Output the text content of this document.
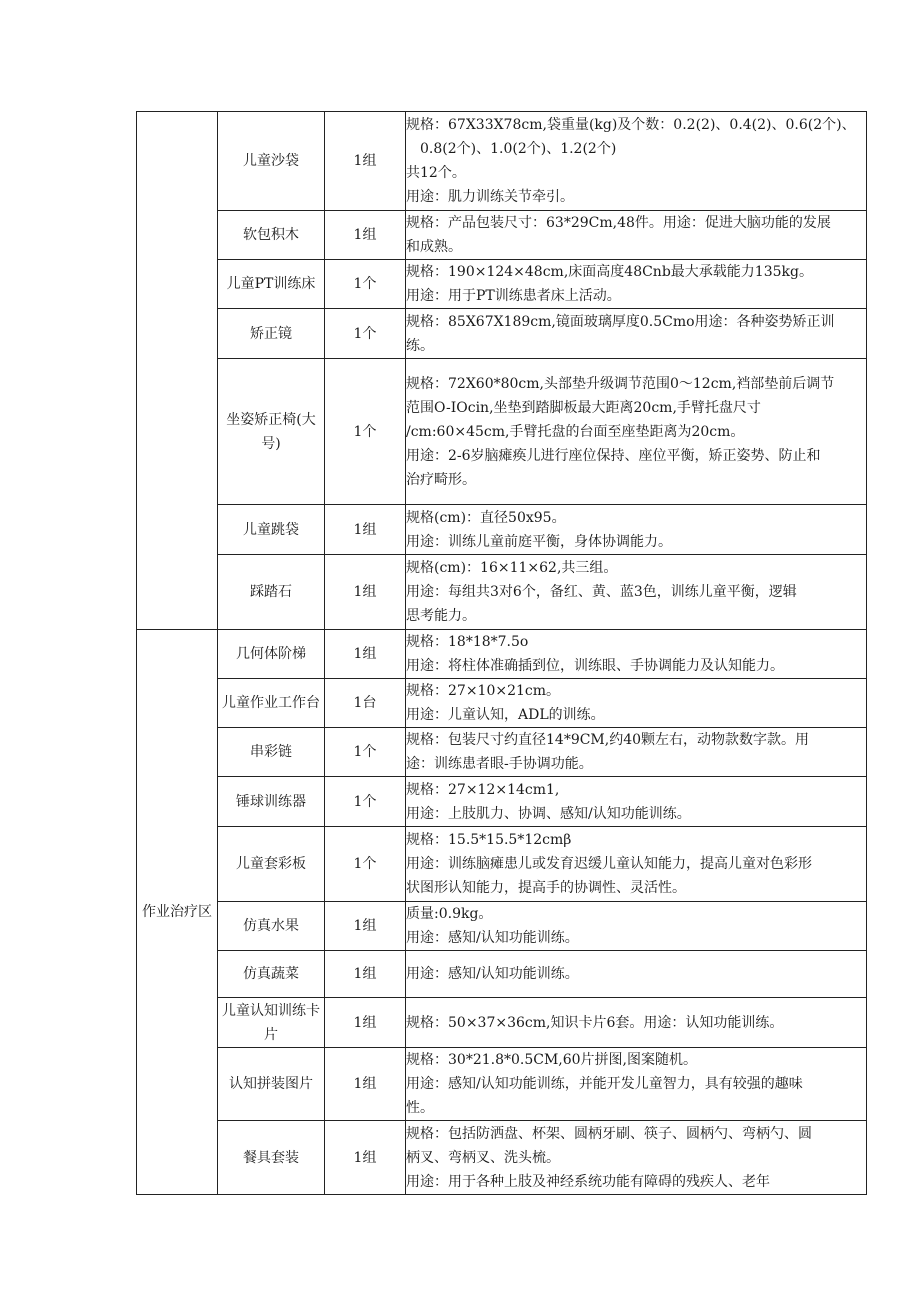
	儿童沙袋	1组	规格：67X33X78cm,袋重量(kg)及个数：0.2(2)、0.4(2)、0.6(2个)、
0.8(2个)、1.0(2个)、1.2(2个)
共12个。
用途：肌力训练关节牵引。

	软包积木	1组	规格：产品包装尺寸：63*29Cm,48件。用途：促进大脑功能的发展
和成熟。

	儿童PT训练床	1个	规格：190×124×48cm,床面高度48Cnb最大承载能力135kg。
用途：用于PT训练患者床上活动。

	矫正镜	1个	规格：85X67X189cm,镜面玻璃厚度0.5Cmo用途：各种姿势矫正训
练。

	坐姿矫正椅(大号)	1个	规格：72X60*80cm,头部垫升级调节范围0〜12cm,裆部垫前后调节
范围O-IOcin,坐垫到踏脚板最大距离20cm,手臂托盘尺寸
/cm:60×45cm,手臂托盘的台面至座垫距离为20cm。
用途：2-6岁脑瘫痪儿进行座位保持、座位平衡，矫正姿势、防止和
治疗畸形。

	儿童跳袋	1组	规格(cm)：直径50x95。
用途：训练儿童前庭平衡，身体协调能力。

	踩踏石	1组	规格(cm)：16×11×62,共三组。
用途：每组共3对6个，备红、黄、蓝3色，训练儿童平衡，逻辑
思考能力。

作业治疗区	几何体阶梯	1组	规格：18*18*7.5o
用途：将柱体准确插到位，训练眼、手协调能力及认知能力。

	儿童作业工作台	1台	规格：27×10×21cm。
用途：儿童认知，ADL的训练。

	串彩链	1个	规格：包装尺寸约直径14*9CM,约40颗左右，动物款数字款。用
途：训练患者眼-手协调功能。

	锤球训练器	1个	规格：27×12×14cm1,
用途：上肢肌力、协调、感知/认知功能训练。

	儿童套彩板	1个	规格：15.5*15.5*12cmβ
用途：训练脑瘫患儿或发育迟缓儿童认知能力，提高儿童对色彩形
状图形认知能力，提高手的协调性、灵活性。

	仿真水果	1组	质量:0.9kg。
用途：感知/认知功能训练。

	仿真蔬菜	1组	用途：感知/认知功能训练。

	儿童认知训练卡片	1组	规格：50×37×36cm,知识卡片6套。用途：认知功能训练。

	认知拼装图片	1组	规格：30*21.8*0.5CM,60片拼图,图案随机。
用途：感知/认知功能训练，并能开发儿童智力，具有较强的趣味
性。

	餐具套装	1组	规格：包括防洒盘、杯架、圆柄牙刷、筷子、圆柄勺、弯柄勺、圆
柄叉、弯柄叉、洗头梳。
用途：用于各种上肢及神经系统功能有障碍的残疾人、老年
